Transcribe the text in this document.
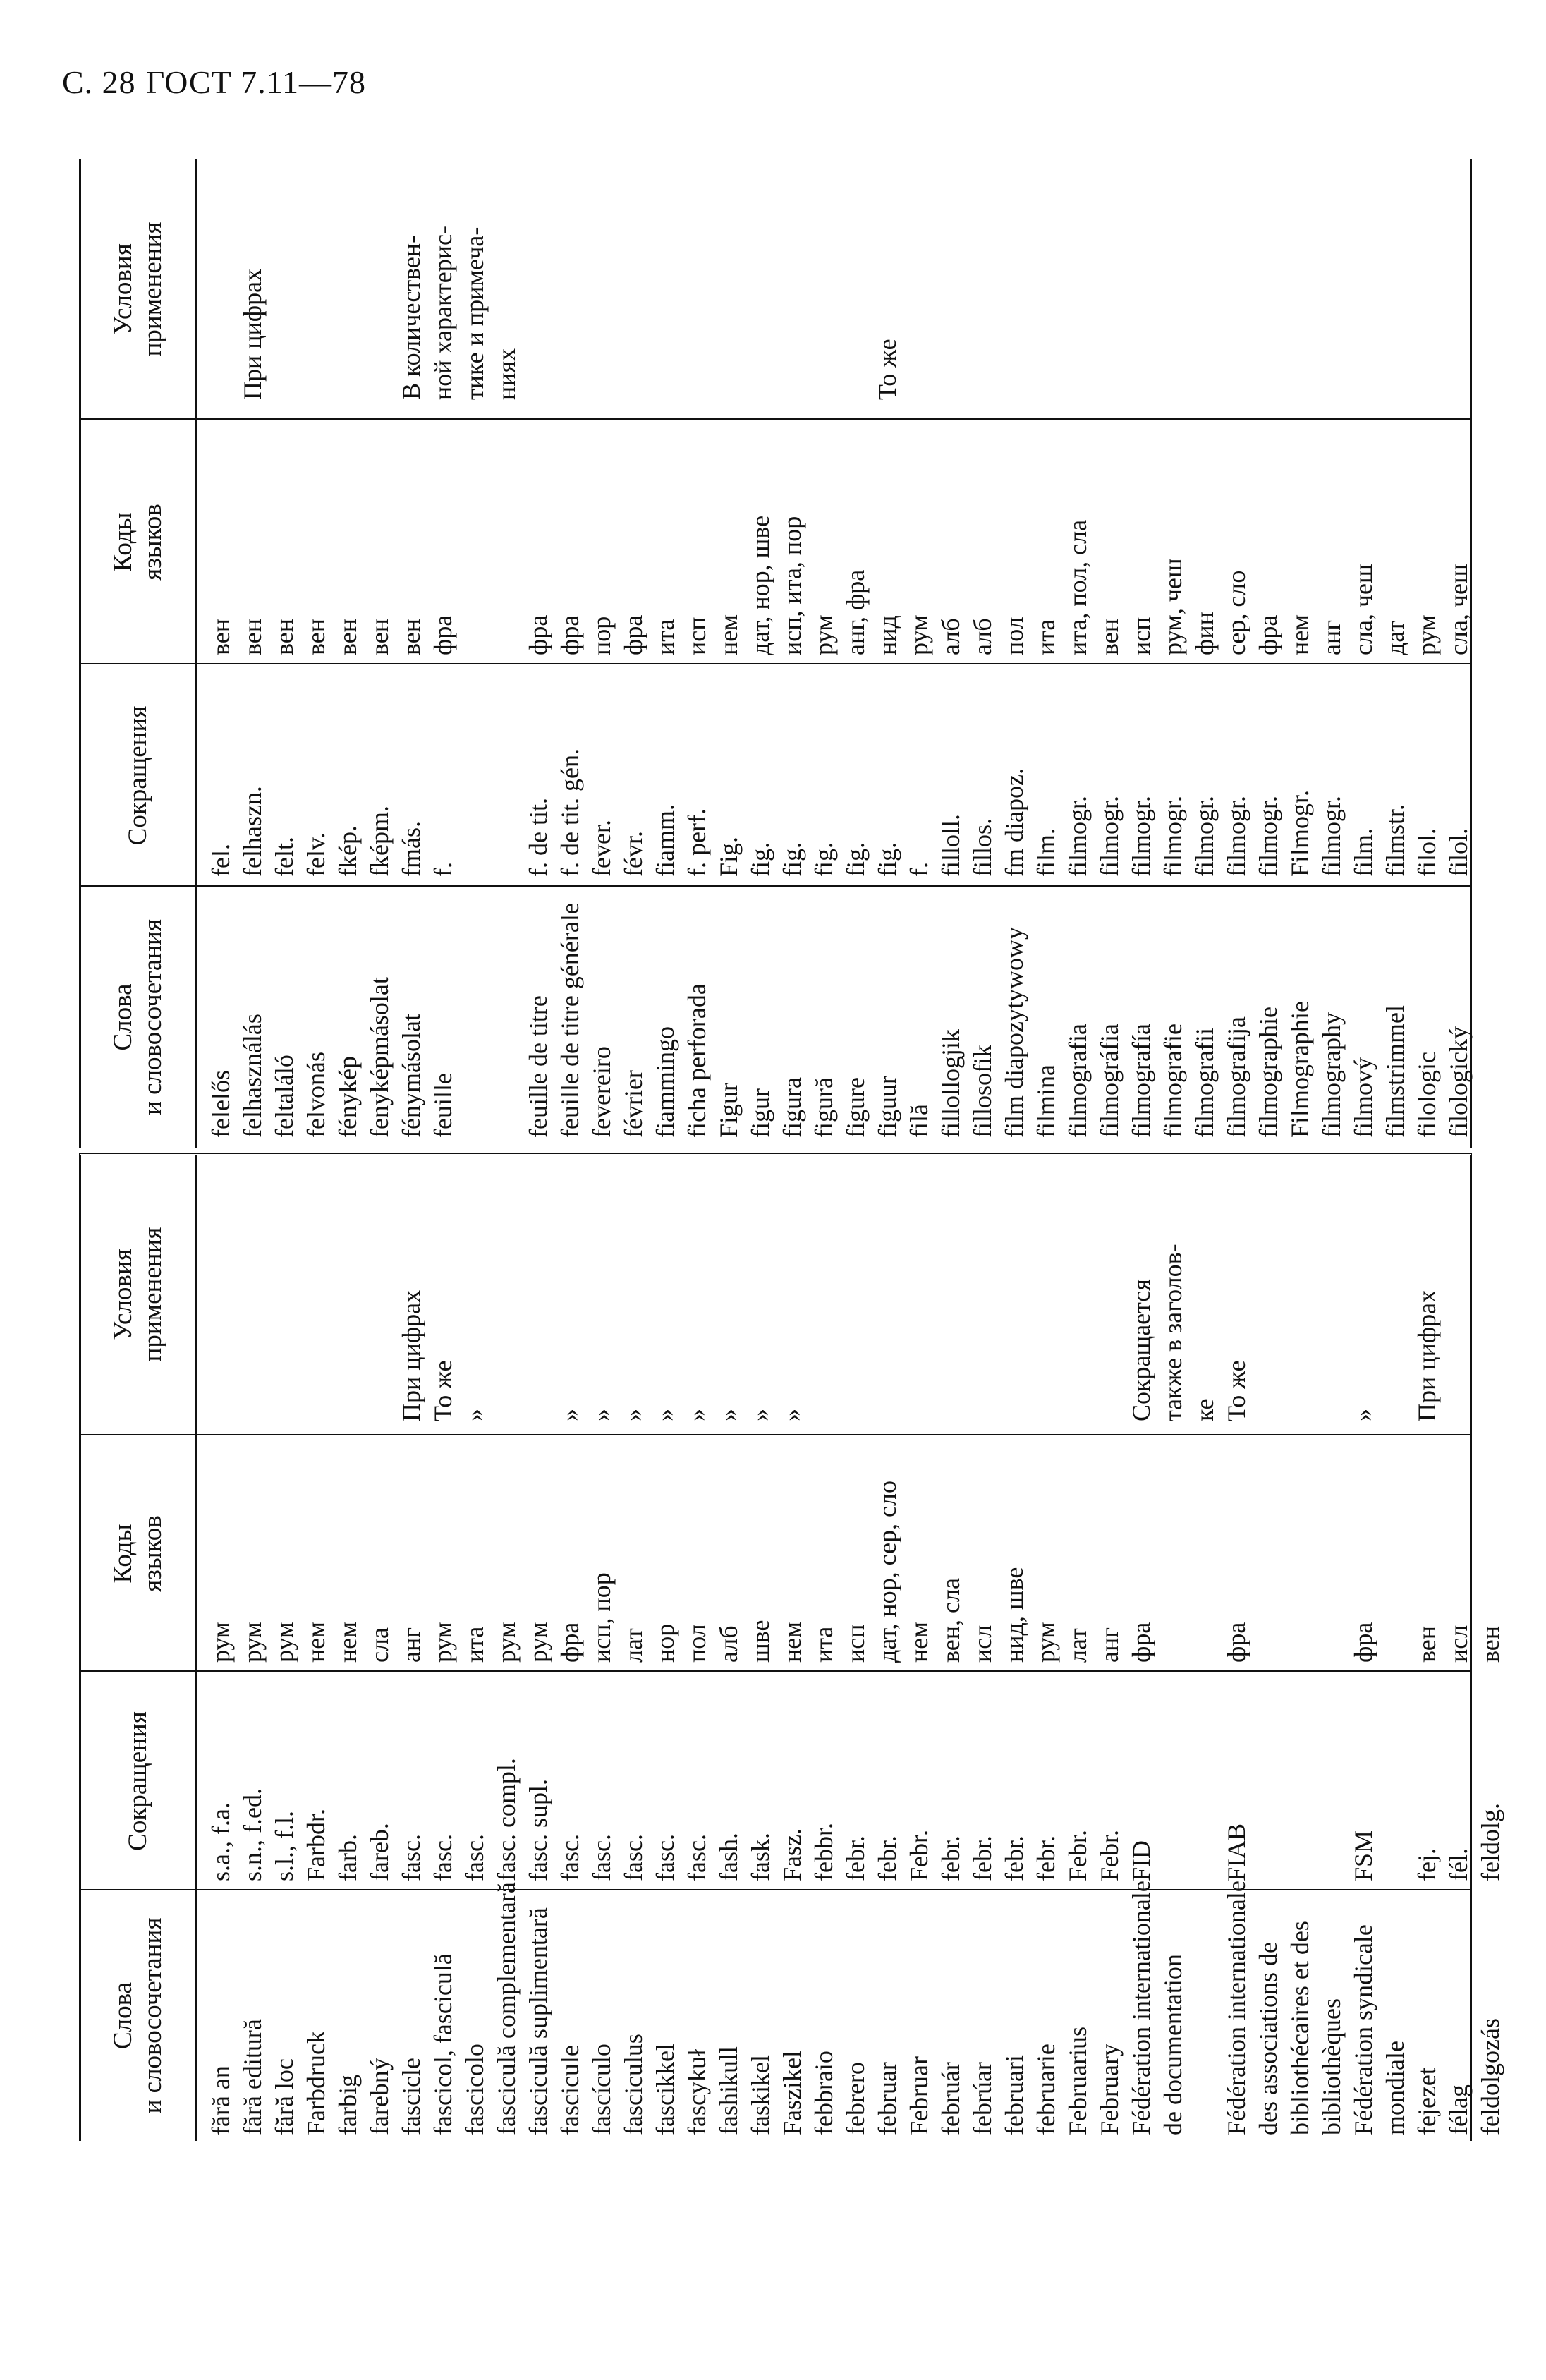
С. 28 ГОСТ 7.11—78
Слова
и словосочетания
Сокращения
Коды
языков
Условия
применения
fără an
s.a., f.a.
рум
fără editură
s.n., f.ed.
рум
fără loc
s.l., f.l.
рум
Farbdruck
Farbdr.
нем
farbig
farb.
нем
farebný
fareb.
сла
fascicle
fasc.
анг
При цифрах
fascicol, fasciculă
fasc.
рум
То же
fascicolo
fasc.
ита
»
fasciculă complementară
fasc. compl.
рум
fasciculă suplimentară
fasc. supl.
рум
fascicule
fasc.
фра
»
fascículo
fasc.
исп, пор
»
fasciculus
fasc.
лат
»
fascikkel
fasc.
нор
»
fascykuł
fasc.
пол
»
fashikull
fash.
алб
»
faskikel
fask.
шве
»
Faszikel
Fasz.
нем
»
febbraio
febbr.
ита
febrero
febr.
исп
februar
febr.
дат, нор, сер, сло
Februar
Febr.
нем
február
febr.
вен, сла
febrúar
febr.
исл
februari
febr.
нид, шве
februarie
febr.
рум
Februarius
Febr.
лат
February
Febr.
анг
Fédération internationale
FID
фра
Сокращается
de documentation
также в заголов- ке
Fédération internationale
FIAB
фра
То же
des associations de bibliothécaires et des bibliothèques Fédération syndicale
FSM
фра
»
mondiale fejezet
fej.
вен
При цифрах
félag
fél.
исл
feldolgozás
feldolg.
вен
Слова
и словосочетания
Сокращения
Коды
языков
Условия
применения
felelős
fel.
вен
felhasználás
felhaszn.
вен
feltaláló
felt.
вен
felvonás
felv.
вен
fénykép
fkép.
вен
fenyképmásolat
fképm.
вен
fénymásolat
fmás.
вен
feuille
f.
фра
feuille de titre
f. de tit.
фра
feuille de titre générale
f. de tit. gén.
фра
fevereiro
fever.
пор
février
févr.
фра
fiammingo
fiamm.
ита
ficha perforada
f. perf.
исп
Figur
Fig.
нем
figur
fig.
дат, нор, шве
figura
fig.
исп, ита, пор
figură
fig.
рум
figure
fig.
анг, фра
figuur
fig.
нид
filă
f.
рум
fillollogjik
filloll.
алб
fillosofik
fillos.
алб
film diapozytywowy
fm diapoz.
пол
filmina
film.
ита
filmografia
filmogr.
ита, пол, сла
filmográfia
filmogr.
вен
filmografía
filmogr.
исп
filmografie
filmogr.
рум, чеш
filmografii
filmogr.
фин
filmografija
filmogr.
сер, сло
filmographie
filmogr.
фра
Filmographie
Filmogr.
нем
filmography
filmogr.
анг
filmový
film.
сла, чеш
filmstrimmel
filmstr.
дат
filologic
filol.
рум
filologický
filol.
сла, чеш
При цифрах	В количествен-
ной характерис-
тике и примеча-
ниях	То же
